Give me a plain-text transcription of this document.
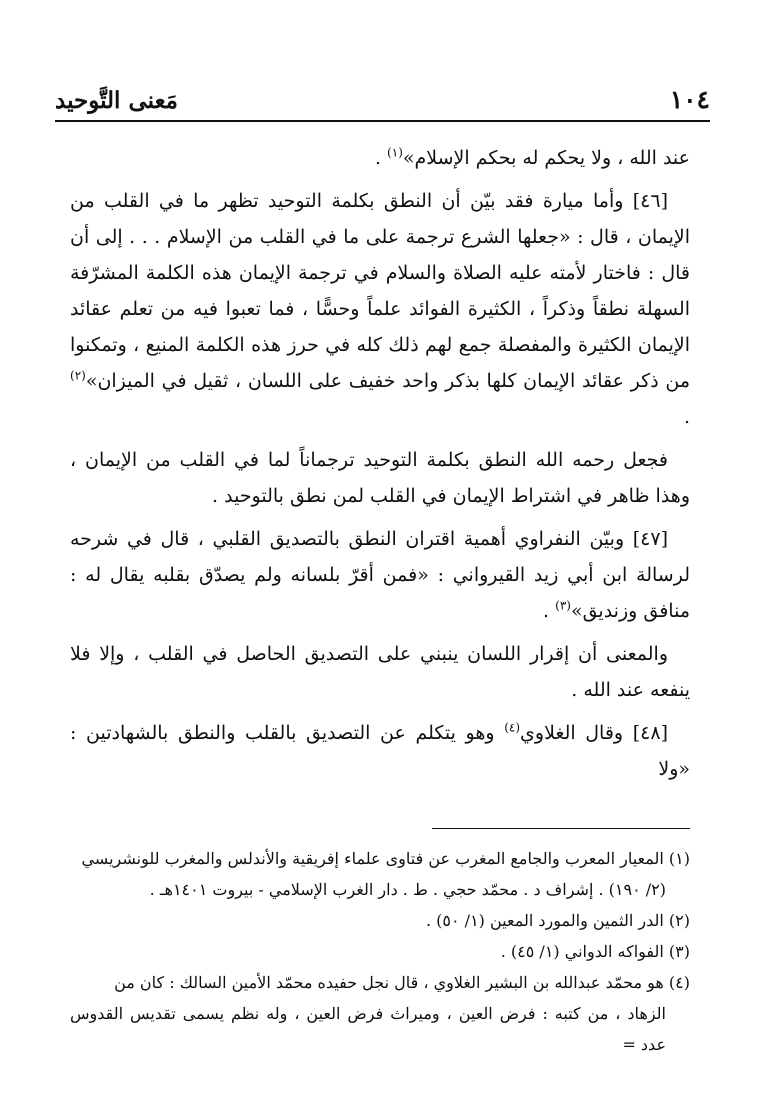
١٠٤
مَعنى التَّوحيد

عند الله ، ولا يحكم له بحكم الإسلام»$^{(١)}$ .

[٤٦] وأما ميارة فقد بيّن أن النطق بكلمة التوحيد تظهر ما في القلب من الإيمان ، قال : «جعلها الشرع ترجمة على ما في القلب من الإسلام . . . إلى أن قال : فاختار لأمته عليه الصلاة والسلام في ترجمة الإيمان هذه الكلمة المشرّفة السهلة نطقاً وذكراً ، الكثيرة الفوائد علماً وحسًّا ، فما تعبوا فيه من تعلم عقائد الإيمان الكثيرة والمفصلة جمع لهم ذلك كله في حرز هذه الكلمة المنيع ، وتمكنوا من ذكر عقائد الإيمان كلها بذكر واحد خفيف على اللسان ، ثقيل في الميزان»$^{(٢)}$ .

فجعل رحمه الله النطق بكلمة التوحيد ترجماناً لما في القلب من الإيمان ، وهذا ظاهر في اشتراط الإيمان في القلب لمن نطق بالتوحيد .

[٤٧] وبيّن النفراوي أهمية اقتران النطق بالتصديق القلبي ، قال في شرحه لرسالة ابن أبي زيد القيرواني : «فمن أقرّ بلسانه ولم يصدّق بقلبه يقال له : منافق وزنديق»$^{(٣)}$ .

والمعنى أن إقرار اللسان ينبني على التصديق الحاصل في القلب ، وإلا فلا ينفعه عند الله .

[٤٨] وقال الغلاوي$^{(٤)}$ وهو يتكلم عن التصديق بالقلب والنطق بالشهادتين : «ولا

(١) المعيار المعرب والجامع المغرب عن فتاوى علماء إفريقية والأندلس والمغرب للونشريسي

(٢/ ١٩٠) . إشراف د . محمّد حجي . ط . دار الغرب الإسلامي - بيروت ١٤٠١هـ .

(٢) الدر الثمين والمورد المعين (١/ ٥٠) .

(٣) الفواكه الدواني (١/ ٤٥) .

(٤) هو محمّد عبدالله بن البشير الغلاوي ، قال نجل حفيده محمّد الأمين السالك : كان من

الزهاد ، من كتبه : فرض العين ، وميراث فرض العين ، وله نظم يسمى تقديس القدوس عدد =
